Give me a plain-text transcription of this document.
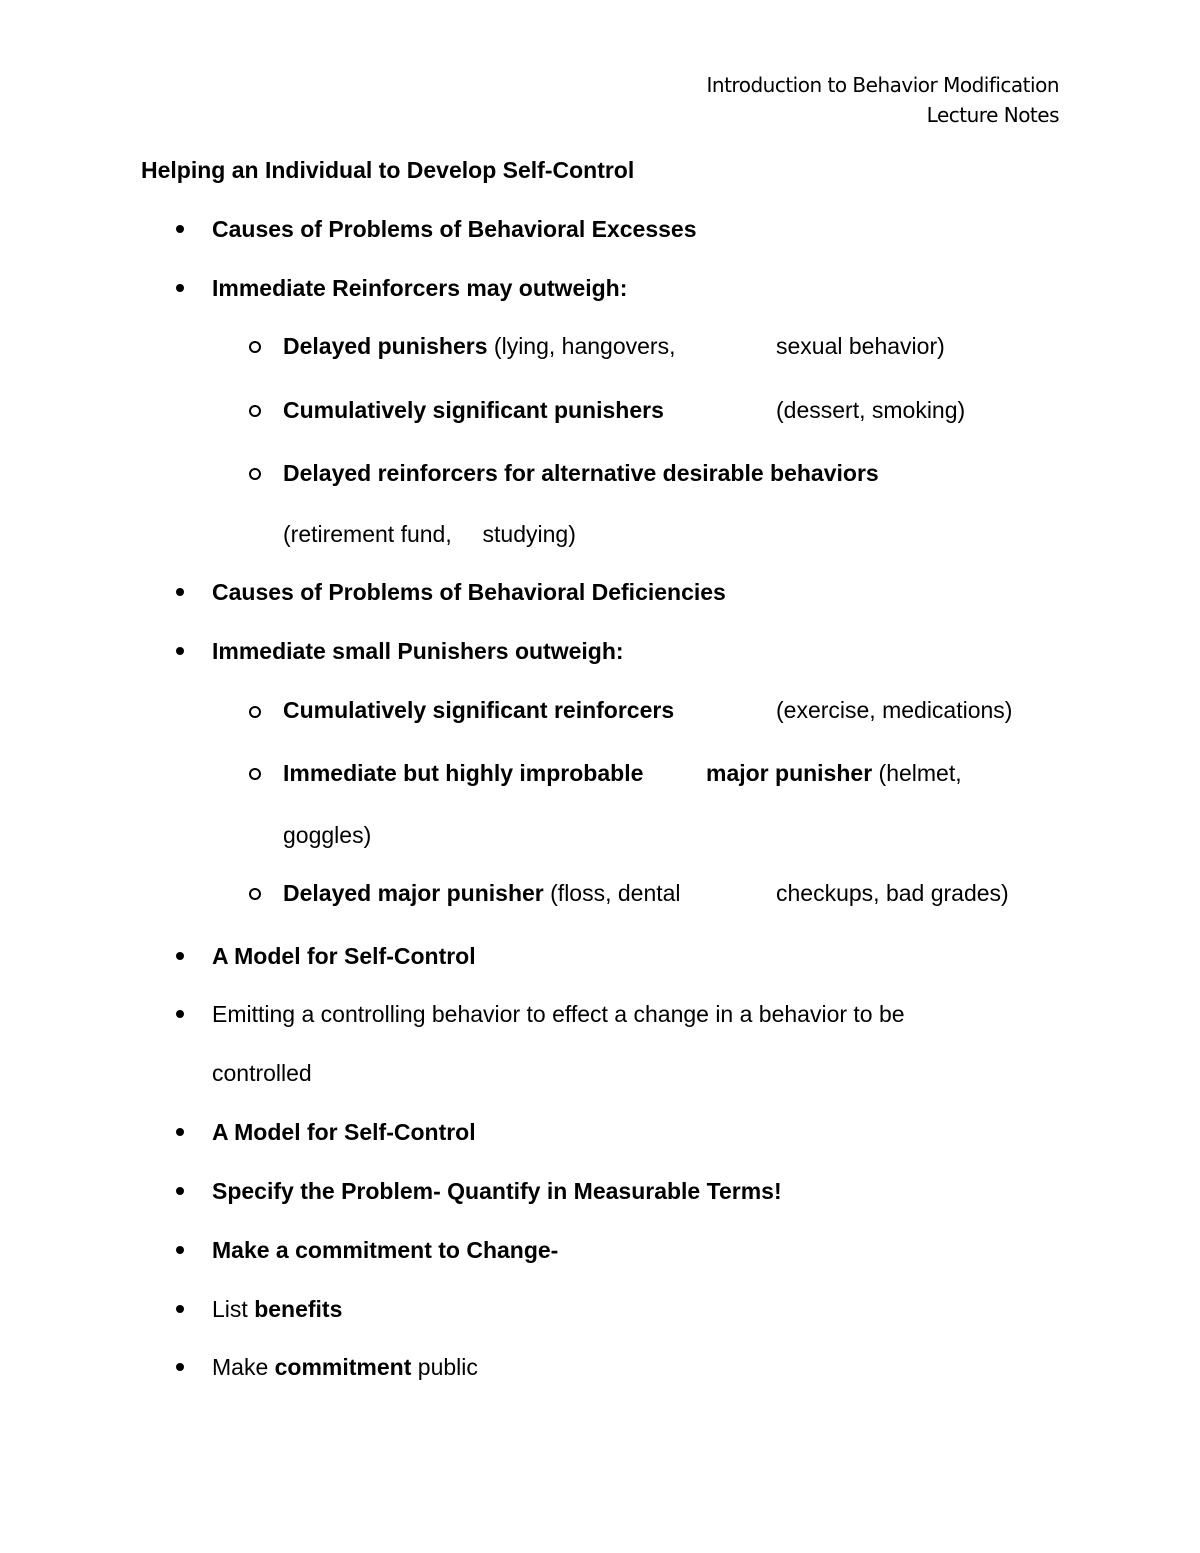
Introduction to Behavior Modification
Lecture Notes
Helping an Individual to Develop Self-Control
Causes of Problems of Behavioral Excesses
Immediate Reinforcers may outweigh:
Delayed punishers (lying, hangovers,	sexual behavior)
Cumulatively significant punishers	(dessert, smoking)
Delayed reinforcers for alternative desirable behaviors
(retirement fund, studying)
Causes of Problems of Behavioral Deficiencies
Immediate small Punishers outweigh:
Cumulatively significant reinforcers	(exercise, medications)
Immediate but highly improbable	major punisher (helmet,
goggles)
Delayed major punisher (floss, dental	checkups, bad grades)
A Model for Self-Control
Emitting a controlling behavior to effect a change in a behavior to be
controlled
A Model for Self-Control
Specify the Problem- Quantify in Measurable Terms!
Make a commitment to Change-
List benefits
Make commitment public
